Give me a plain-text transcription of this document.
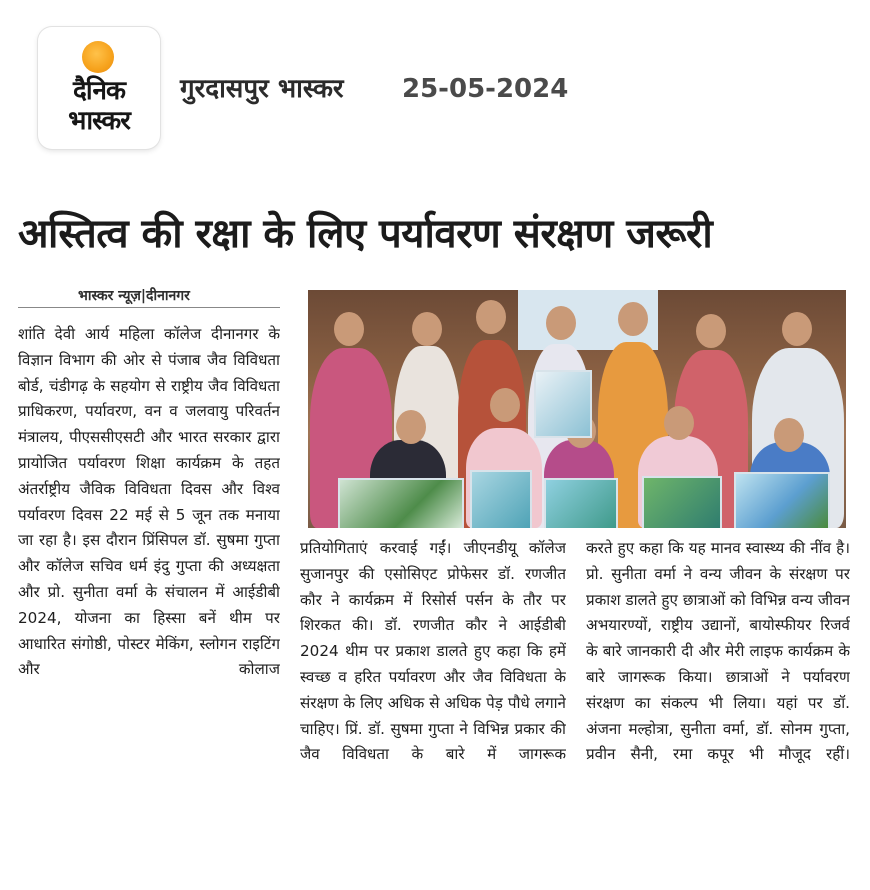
दैनिक
भास्कर
गुरदासपुर भास्कर 25-05-2024
अस्तित्व की रक्षा के लिए पर्यावरण संरक्षण जरूरी
भास्कर न्यूज़|दीनानगर

शांति देवी आर्य महिला कॉलेज दीनानगर के विज्ञान विभाग की ओर से पंजाब जैव विविधता बोर्ड, चंडीगढ़ के सहयोग से राष्ट्रीय जैव विविधता प्राधिकरण, पर्यावरण, वन व जलवायु परिवर्तन मंत्रालय, पीएससीएसटी और भारत सरकार द्वारा प्रायोजित पर्यावरण शिक्षा कार्यक्रम के तहत अंतर्राष्ट्रीय जैविक विविधता दिवस और विश्व पर्यावरण दिवस 22 मई से 5 जून तक मनाया जा रहा है। इस दौरान प्रिंसिपल डॉ. सुषमा गुप्ता और कॉलेज सचिव धर्म इंदु गुप्ता की अध्यक्षता और प्रो. सुनीता वर्मा के संचालन में आईडीबी 2024, योजना का हिस्सा बनें थीम पर आधारित संगोष्ठी, पोस्टर मेकिंग, स्लोगन राइटिंग और कोलाज

प्रतियोगिताएं करवाई गईं। जीएनडीयू कॉलेज सुजानपुर की एसोसिएट प्रोफेसर डॉ. रणजीत कौर ने कार्यक्रम में रिसोर्स पर्सन के तौर पर शिरकत की। डॉ. रणजीत कौर ने आईडीबी 2024 थीम पर प्रकाश डालते हुए कहा कि हमें स्वच्छ व हरित पर्यावरण और जैव विविधता के संरक्षण के लिए अधिक से अधिक पेड़ पौधे लगाने चाहिए। प्रिं. डॉ. सुषमा गुप्ता ने विभिन्न प्रकार की जैव विविधता के बारे में जागरूक

करते हुए कहा कि यह मानव स्वास्थ्य की नींव है। प्रो. सुनीता वर्मा ने वन्य जीवन के संरक्षण पर प्रकाश डालते हुए छात्राओं को विभिन्न वन्य जीवन अभयारण्यों, राष्ट्रीय उद्यानों, बायोस्फीयर रिजर्व के बारे जानकारी दी और मेरी लाइफ कार्यक्रम के बारे जागरूक किया। छात्राओं ने पर्यावरण संरक्षण का संकल्प भी लिया। यहां पर डॉ. अंजना मल्होत्रा, सुनीता वर्मा, डॉ. सोनम गुप्ता, प्रवीन सैनी, रमा कपूर भी मौजूद रहीं।
